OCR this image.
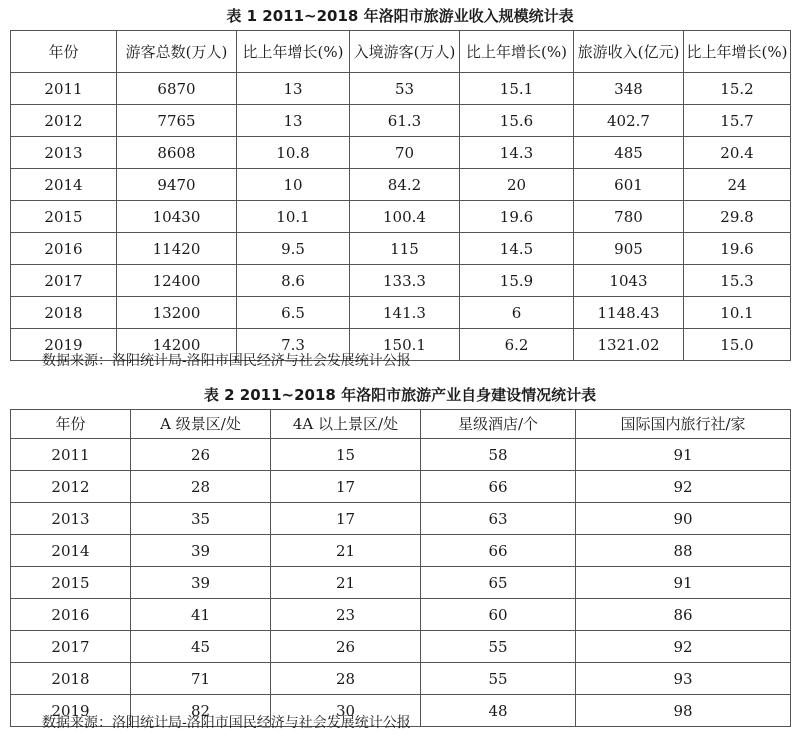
表 1 2011~2018 年洛阳市旅游业收入规模统计表
年份	游客总数(万人)	比上年增长(%)	入境游客(万人)	比上年增长(%)	旅游收入(亿元)	比上年增长(%)
2011	6870	13	53	15.1	348	15.2
2012	7765	13	61.3	15.6	402.7	15.7
2013	8608	10.8	70	14.3	485	20.4
2014	9470	10	84.2	20	601	24
2015	10430	10.1	100.4	19.6	780	29.8
2016	11420	9.5	115	14.5	905	19.6
2017	12400	8.6	133.3	15.9	1043	15.3
2018	13200	6.5	141.3	6	1148.43	10.1
2019	14200	7.3	150.1	6.2	1321.02	15.0
数据来源：洛阳统计局-洛阳市国民经济与社会发展统计公报
表 2 2011~2018 年洛阳市旅游产业自身建设情况统计表
年份	A 级景区/处	4A 以上景区/处	星级酒店/个	国际国内旅行社/家
2011	26	15	58	91
2012	28	17	66	92
2013	35	17	63	90
2014	39	21	66	88
2015	39	21	65	91
2016	41	23	60	86
2017	45	26	55	92
2018	71	28	55	93
2019	82	30	48	98
数据来源：洛阳统计局-洛阳市国民经济与社会发展统计公报
